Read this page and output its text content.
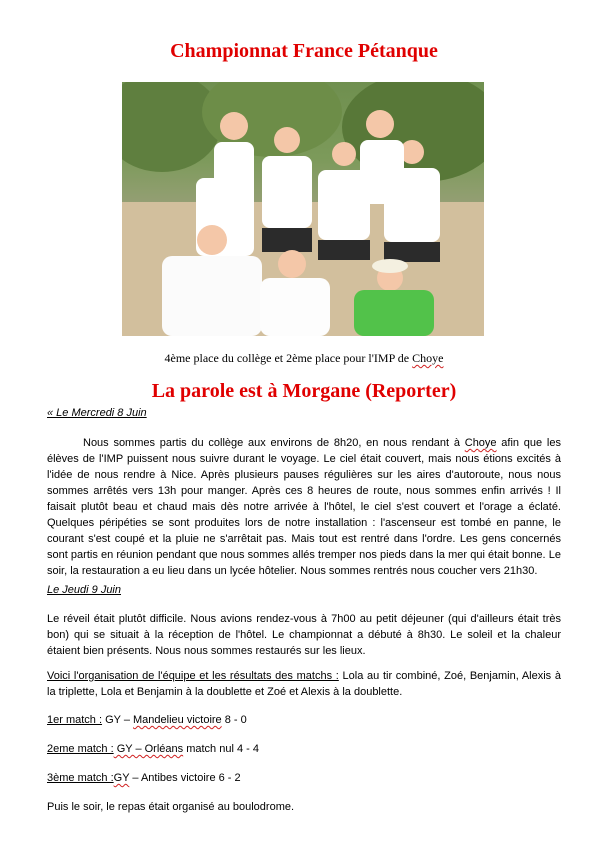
Championnat France Pétanque
4ème place du collège et 2ème place pour l'IMP de Choye
La parole est à Morgane (Reporter)
« Le Mercredi 8 Juin
Nous sommes partis du collège aux environs de 8h20, en nous rendant à Choye afin que les élèves de l'IMP puissent nous suivre durant le voyage. Le ciel était couvert, mais nous étions excités à l'idée de nous rendre à Nice. Après plusieurs pauses régulières sur les aires d'autoroute, nous nous sommes arrêtés vers 13h pour manger. Après ces 8 heures de route, nous sommes enfin arrivés ! Il faisait plutôt beau et chaud mais dès notre arrivée à l'hôtel, le ciel s'est couvert et l'orage a éclaté. Quelques péripéties se sont produites lors de notre installation : l'ascenseur est tombé en panne, le courant s'est coupé et la pluie ne s'arrêtait pas. Mais tout est rentré dans l'ordre. Les gens concernés sont partis en réunion pendant que nous sommes allés tremper nos pieds dans la mer qui était bonne. Le soir, la restauration a eu lieu dans un lycée hôtelier. Nous sommes rentrés nous coucher vers 21h30.
Le Jeudi 9 Juin
Le réveil était plutôt difficile. Nous avions rendez-vous à 7h00 au petit déjeuner (qui d'ailleurs était très bon) qui se situait à la réception de l'hôtel. Le championnat a débuté à 8h30. Le soleil et la chaleur étaient bien présents. Nous nous sommes restaurés sur les lieux.
Voici l'organisation de l'équipe et les résultats des matchs : Lola au tir combiné, Zoé, Benjamin, Alexis à la triplette, Lola et Benjamin à la doublette et Zoé et Alexis à la doublette.
1er match : GY – Mandelieu victoire 8 - 0
2eme match : GY – Orléans match nul 4 - 4
3ème match :GY – Antibes victoire 6 - 2
Puis le soir, le repas était organisé au boulodrome.
